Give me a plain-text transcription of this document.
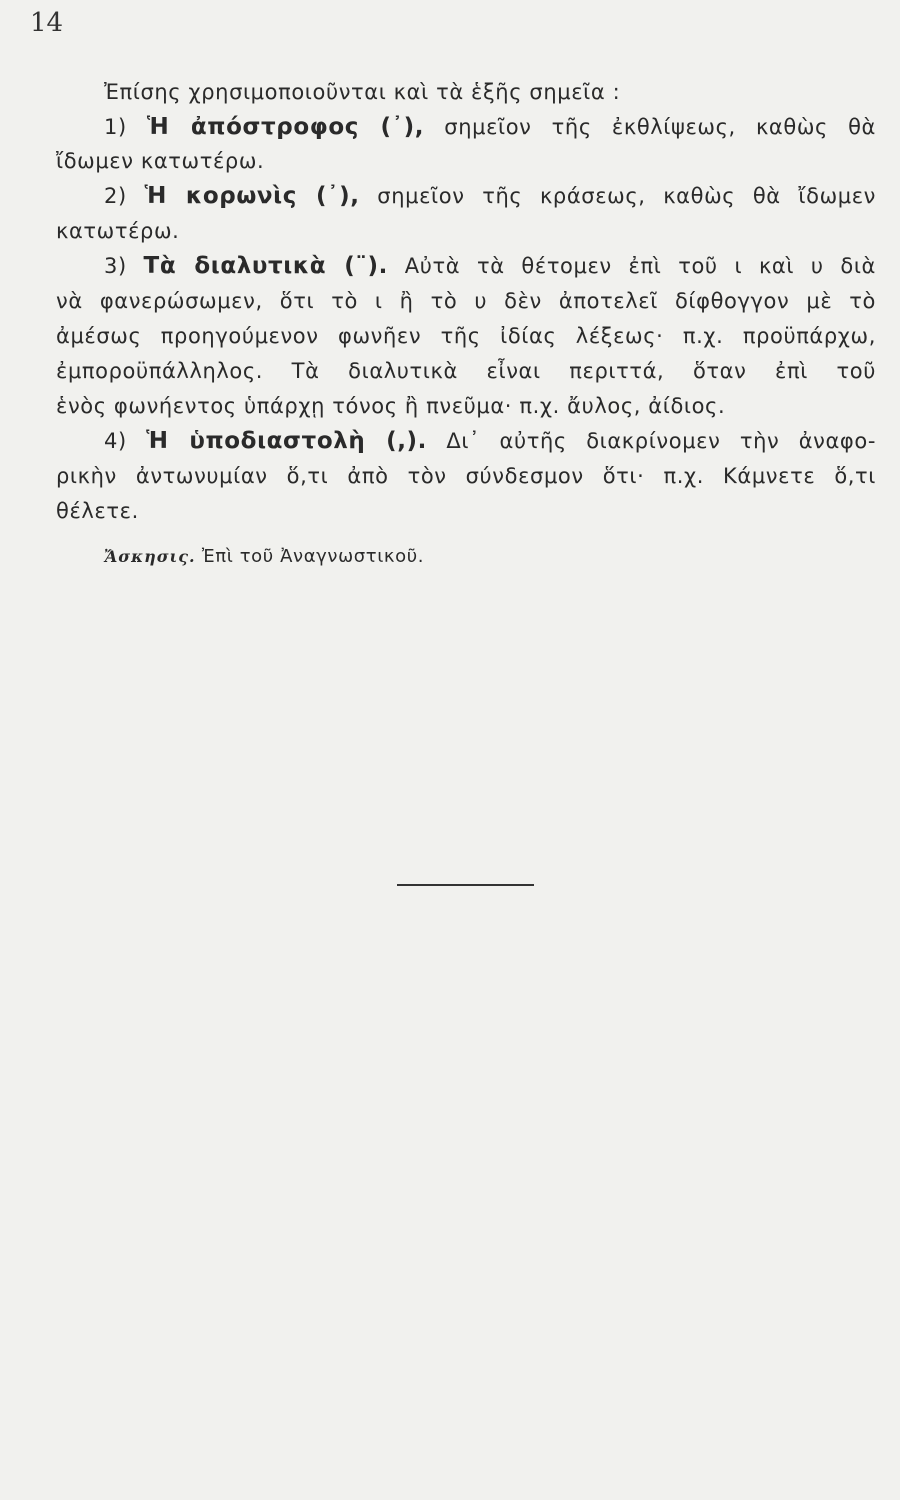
14
Ἐπίσης χρησιμοποιοῦνται καὶ τὰ ἑξῆς σημεῖα :
1) Ἡ ἀπόστροφος (᾿), σημεῖον τῆς ἐκθλίψεως, καθὼς θὰ
ἴδωμεν κατωτέρω.
2) Ἡ κορωνὶς (᾿), σημεῖον τῆς κράσεως, καθὼς θὰ ἴδωμεν
κατωτέρω.
3) Τὰ διαλυτικὰ (¨). Αὐτὰ τὰ θέτομεν ἐπὶ τοῦ ι καὶ υ διὰ
νὰ φανερώσωμεν, ὅτι τὸ ι ἢ τὸ υ δὲν ἀποτελεῖ δίφθογγον μὲ τὸ
ἀμέσως προηγούμενον φωνῆεν τῆς ἰδίας λέξεως· π.χ. προϋπάρχω,
ἐμποροϋπάλληλος. Τὰ διαλυτικὰ εἶναι περιττά, ὅταν ἐπὶ τοῦ
ἑνὸς φωνήεντος ὑπάρχῃ τόνος ἢ πνεῦμα· π.χ. ἄυλος, ἀίδιος.
4) Ἡ ὑποδιαστολὴ (,). Δι᾿ αὐτῆς διακρίνομεν τὴν ἀναφο-
ρικὴν ἀντωνυμίαν ὅ,τι ἀπὸ τὸν σύνδεσμον ὅτι· π.χ. Κάμνετε ὅ,τι
θέλετε.
Ἄσκησις. Ἐπὶ τοῦ Ἀναγνωστικοῦ.
